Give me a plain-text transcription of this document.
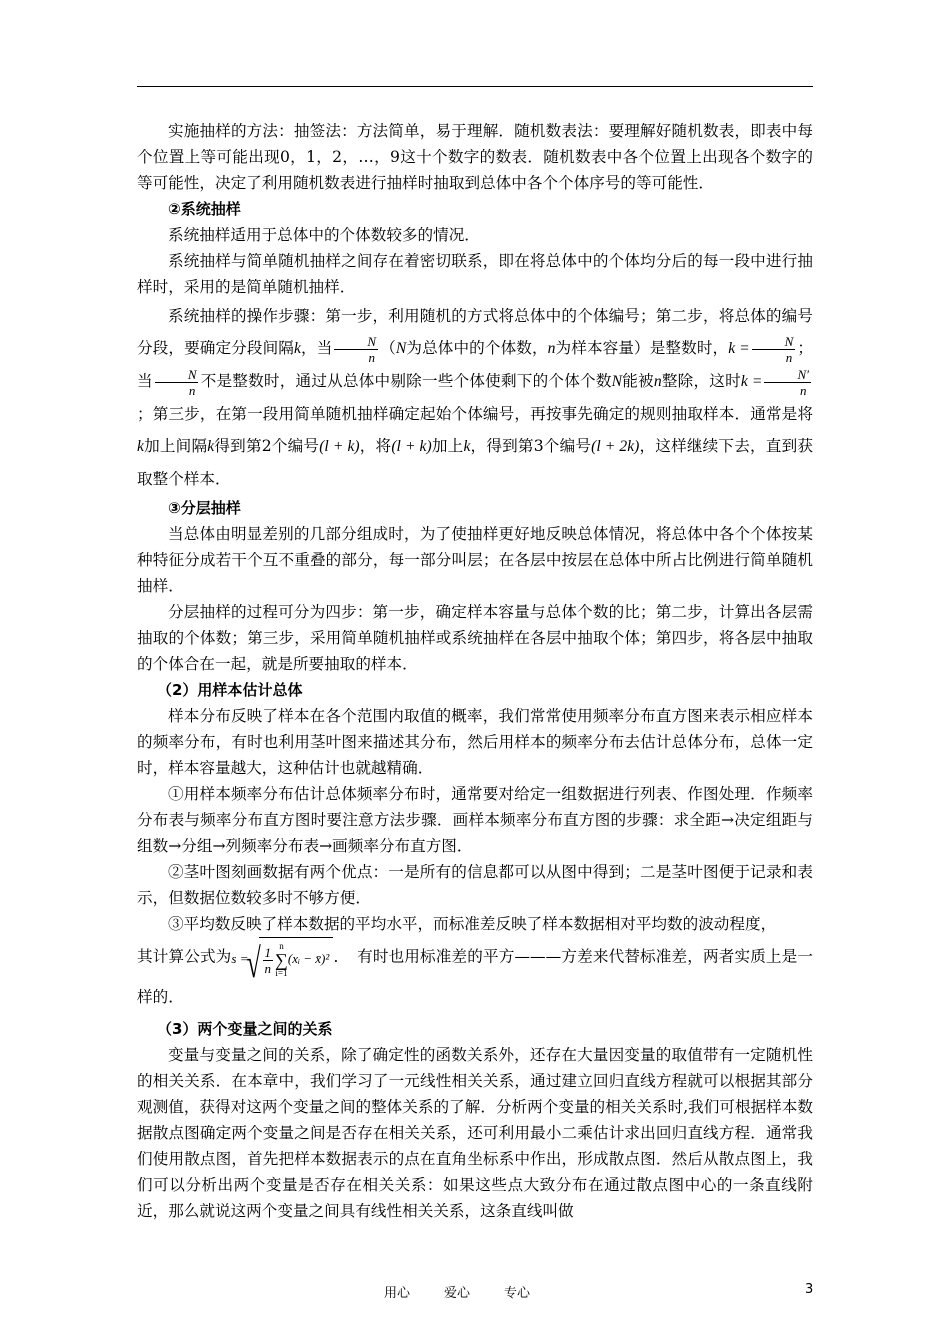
实施抽样的方法：抽签法：方法简单，易于理解．随机数表法：要理解好随机数表，即表中每个位置上等可能出现0，1，2，…，9这十个数字的数表．随机数表中各个位置上出现各个数字的等可能性，决定了利用随机数表进行抽样时抽取到总体中各个个体序号的等可能性．

②系统抽样

系统抽样适用于总体中的个体数较多的情况．

系统抽样与简单随机抽样之间存在着密切联系，即在将总体中的个体均分后的每一段中进行抽样时，采用的是简单随机抽样．

系统抽样的操作步骤：第一步，利用随机的方式将总体中的个体编号；第二步，将总体的编号分段，要确定分段间隔k，当 $\frac{N}{n} (N$为总体中的个体数，n为样本容量）是整数时，$k = \frac{N}{n}$ ；当 $\frac{N}{n}$ 不是整数时，通过从总体中剔除一些个体使剩下的个体个数N能被n整除，这时$k = \frac{N'}{n}$
；第三步，在第一段用简单随机抽样确定起始个体编号，再按事先确定的规则抽取样本．通常是将k加上间隔k得到第2个编号(l + k)，将(l + k)加上k，得到第3个编号(l + 2k)，这样继续下去，直到获取整个样本．

③分层抽样

当总体由明显差别的几部分组成时，为了使抽样更好地反映总体情况，将总体中各个个体按某种特征分成若干个互不重叠的部分，每一部分叫层；在各层中按层在总体中所占比例进行简单随机抽样．

分层抽样的过程可分为四步：第一步，确定样本容量与总体个数的比；第二步，计算出各层需抽取的个体数；第三步，采用简单随机抽样或系统抽样在各层中抽取个体；第四步，将各层中抽取的个体合在一起，就是所要抽取的样本．

（2）用样本估计总体

样本分布反映了样本在各个范围内取值的概率，我们常常使用频率分布直方图来表示相应样本的频率分布，有时也利用茎叶图来描述其分布，然后用样本的频率分布去估计总体分布，总体一定时，样本容量越大，这种估计也就越精确．

①用样本频率分布估计总体频率分布时，通常要对给定一组数据进行列表、作图处理．作频率分布表与频率分布直方图时要注意方法步骤．画样本频率分布直方图的步骤：求全距→决定组距与组数→分组→列频率分布表→画频率分布直方图．

②茎叶图刻画数据有两个优点：一是所有的信息都可以从图中得到；二是茎叶图便于记录和表示，但数据位数较多时不够方便．

③平均数反映了样本数据的平均水平，而标准差反映了样本数据相对平均数的波动程度，

其计算公式为s =
√ $\frac{1}{n}$ n
∑
i=1
(xᵢ − x̄)² ．　有时也用标准差的平方———方差来代替标准差，两者实质上是一样的．

（3）两个变量之间的关系

变量与变量之间的关系，除了确定性的函数关系外，还存在大量因变量的取值带有一定随机性的相关关系．在本章中，我们学习了一元线性相关关系，通过建立回归直线方程就可以根据其部分观测值，获得对这两个变量之间的整体关系的了解．分析两个变量的相关关系时,我们可根据样本数据散点图确定两个变量之间是否存在相关关系，还可利用最小二乘估计求出回归直线方程．通常我们使用散点图，首先把样本数据表示的点在直角坐标系中作出，形成散点图．然后从散点图上，我们可以分析出两个变量是否存在相关关系：如果这些点大致分布在通过散点图中心的一条直线附近，那么就说这两个变量之间具有线性相关关系，这条直线叫做

用心	爱心	专心	3
